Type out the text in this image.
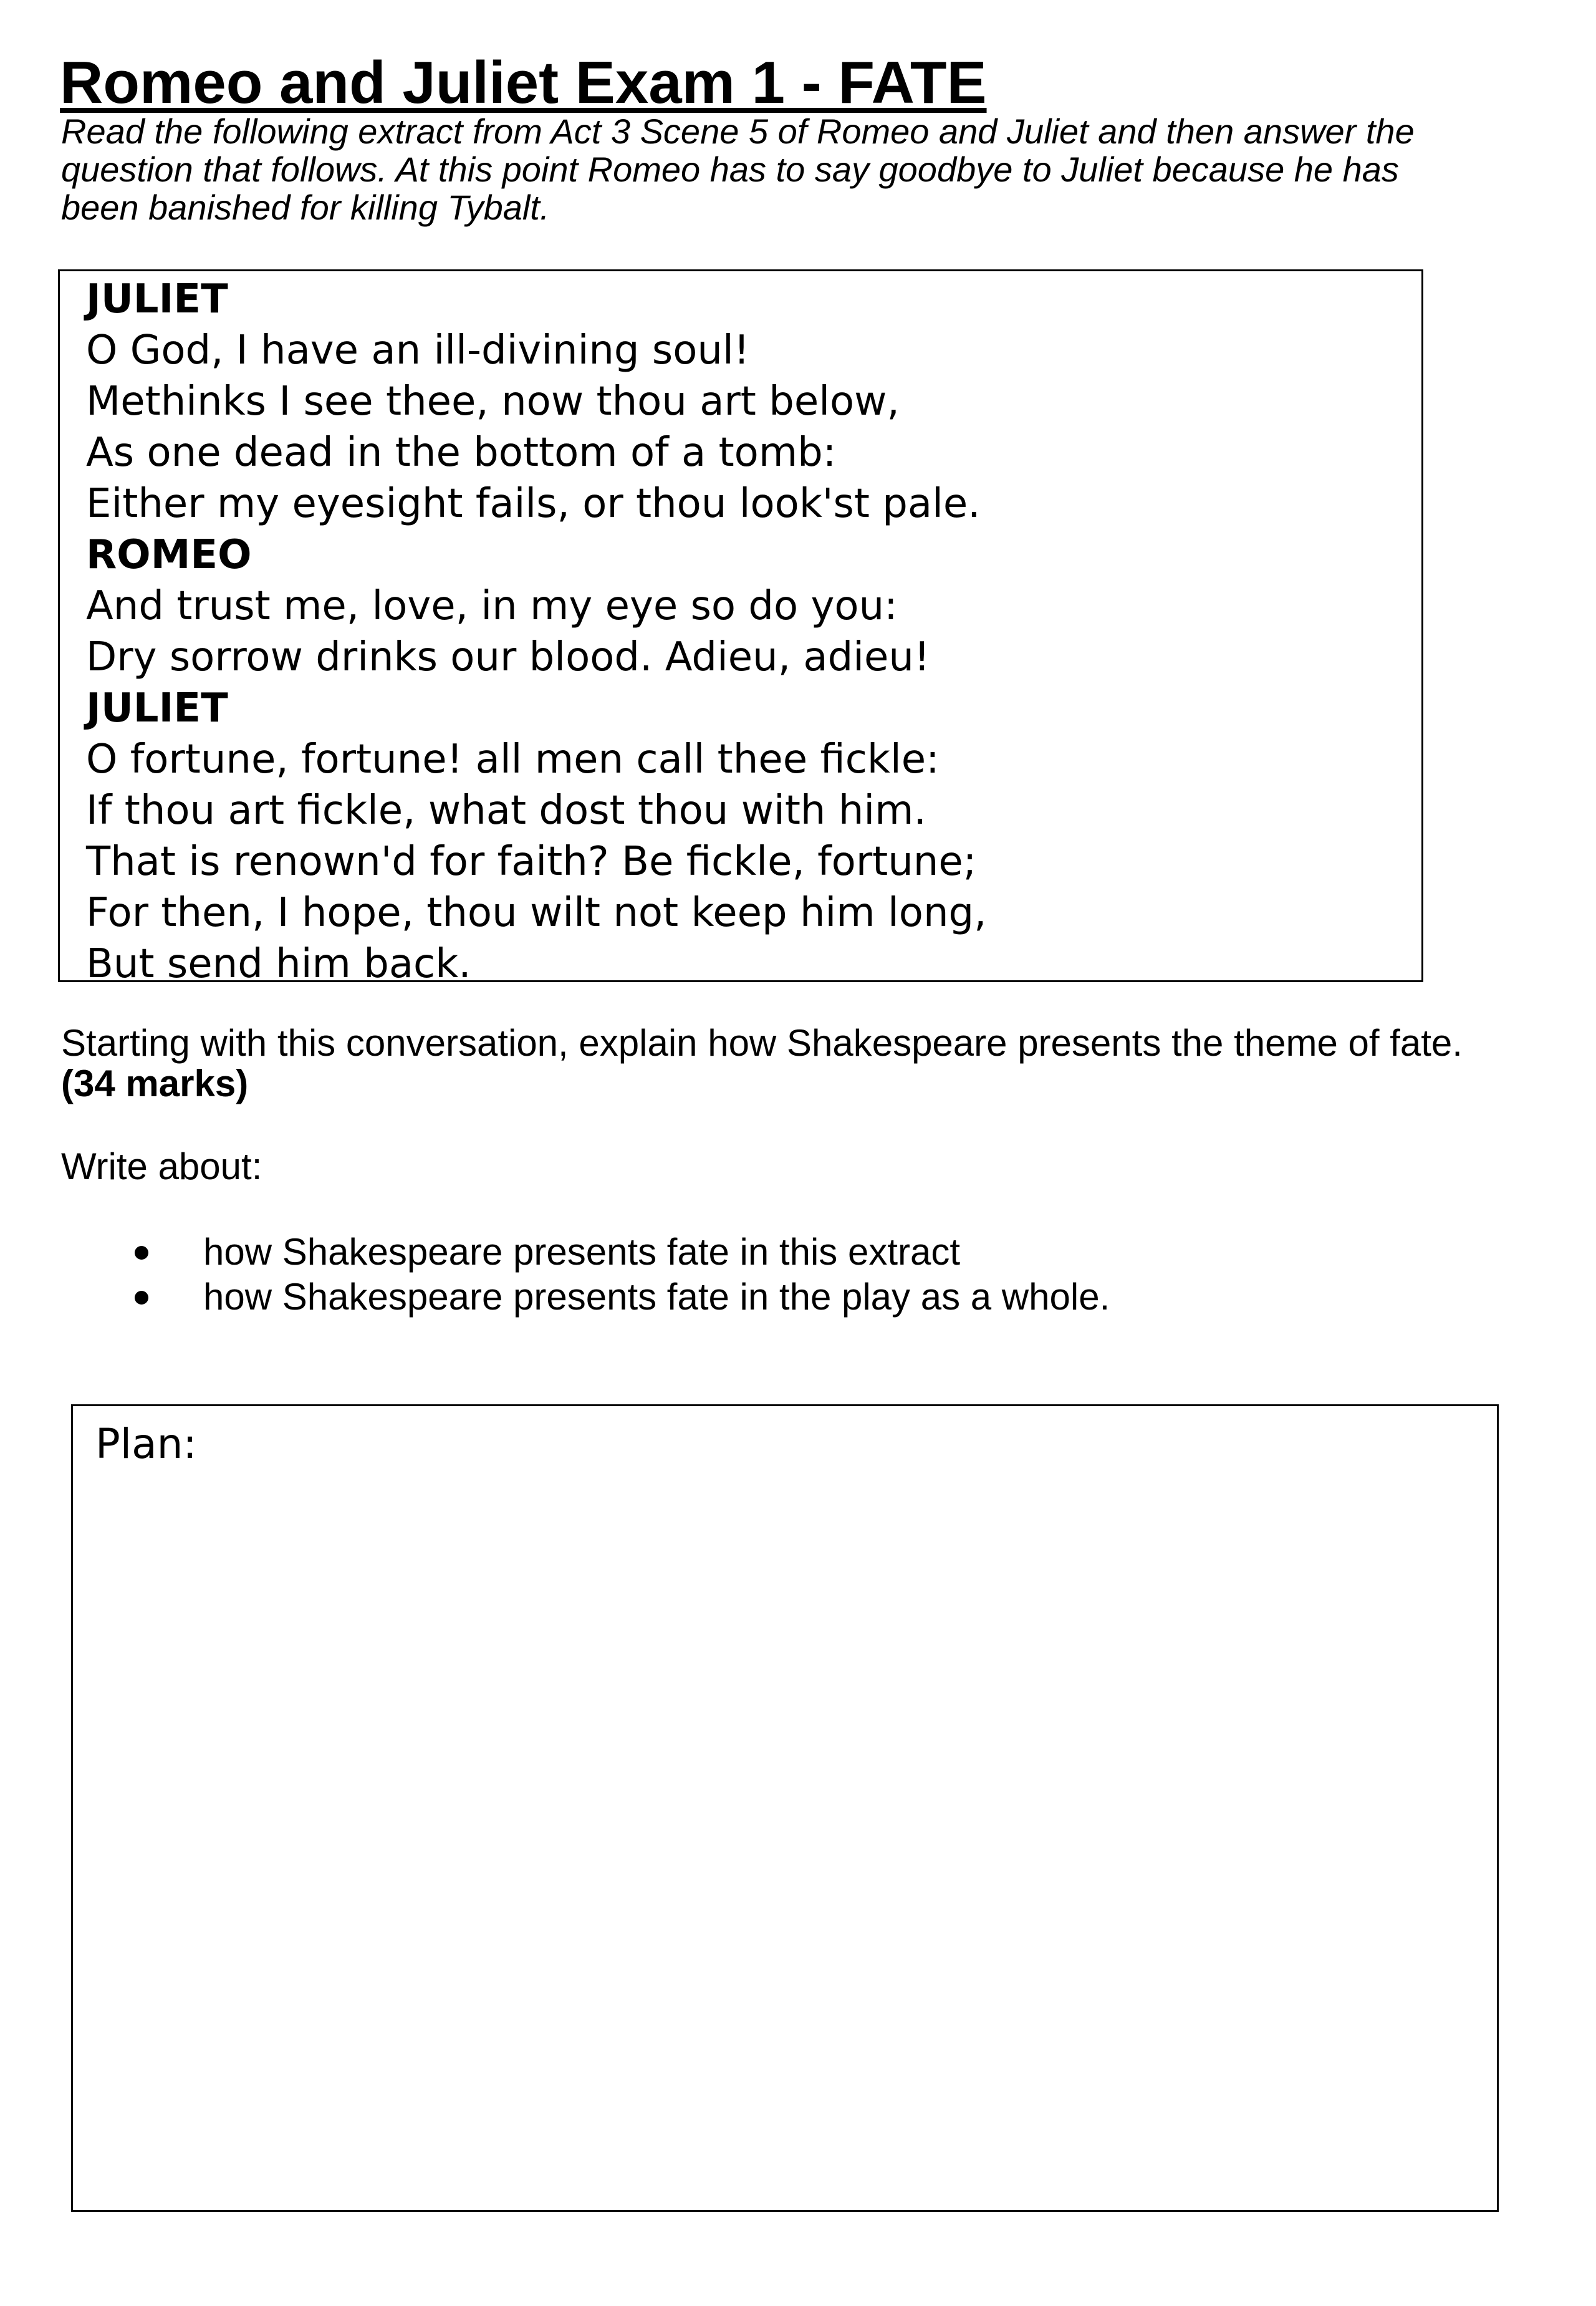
Romeo and Juliet Exam 1 - FATE

Read the following extract from Act 3 Scene 5 of Romeo and Juliet and then answer the question that follows. At this point Romeo has to say goodbye to Juliet because he has been banished for killing Tybalt.

JULIET
O God, I have an ill-divining soul!
Methinks I see thee, now thou art below,
As one dead in the bottom of a tomb:
Either my eyesight fails, or thou look'st pale.
ROMEO
And trust me, love, in my eye so do you:
Dry sorrow drinks our blood. Adieu, adieu!
JULIET
O fortune, fortune! all men call thee fickle:
If thou art fickle, what dost thou with him.
That is renown'd for faith? Be fickle, fortune;
For then, I hope, thou wilt not keep him long,
But send him back.

Starting with this conversation, explain how Shakespeare presents the theme of fate. (34 marks)

Write about:

how Shakespeare presents fate in this extract
how Shakespeare presents fate in the play as a whole.
Plan:
